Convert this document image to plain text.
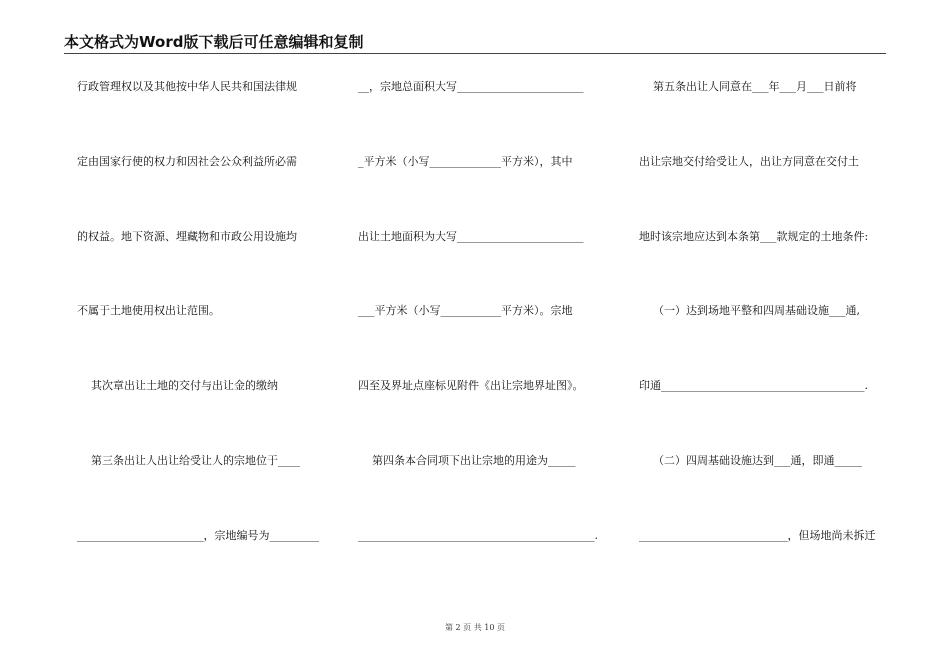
本文格式为Word版下载后可任意编辑和复制
行政管理权以及其他按中华人民共和国法律规
定由国家行使的权力和因社会公众利益所必需
的权益。地下资源、埋藏物和市政公用设施均
不属于土地使用权出让范围。
其次章出让土地的交付与出让金的缴纳
第三条出让人出让给受让人的宗地位于____
_______________________，宗地编号为_________
__，宗地总面积大写_______________________
_平方米（小写_____________平方米），其中
出让土地面积为大写_______________________
___平方米（小写___________平方米）。宗地
四至及界址点座标见附件《出让宗地界址图》。
第四条本合同项下出让宗地的用途为_____
___________________________________________.
第五条出让人同意在___年___月___日前将
出让宗地交付给受让人，出让方同意在交付土
地时该宗地应达到本条第___款规定的土地条件:
（一）达到场地平整和四周基础设施___通,
印通_____________________________________.
（二）四周基础设施达到___通，即通_____
___________________________，但场地尚未拆迁
第 2 页 共 10 页
